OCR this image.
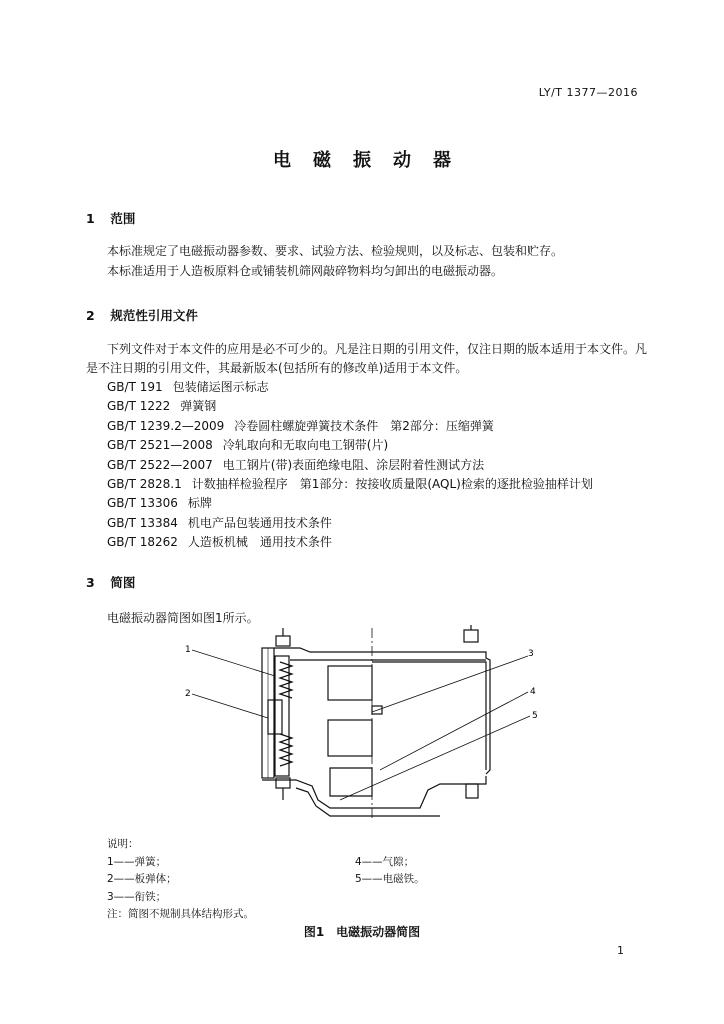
LY/T 1377—2016
电磁振动器
1 范围
本标准规定了电磁振动器参数、要求、试验方法、检验规则，以及标志、包装和贮存。
本标准适用于人造板原料仓或铺装机筛网敲碎物料均匀卸出的电磁振动器。
2 规范性引用文件
下列文件对于本文件的应用是必不可少的。凡是注日期的引用文件，仅注日期的版本适用于本文件。凡是不注日期的引用文件，其最新版本(包括所有的修改单)适用于本文件。
GB/T 191 包装储运图示标志
GB/T 1222 弹簧钢
GB/T 1239.2—2009 冷卷圆柱螺旋弹簧技术条件　第2部分：压缩弹簧
GB/T 2521—2008 冷轧取向和无取向电工钢带(片)
GB/T 2522—2007 电工钢片(带)表面绝缘电阻、涂层附着性测试方法
GB/T 2828.1 计数抽样检验程序　第1部分：按接收质量限(AQL)检索的逐批检验抽样计划
GB/T 13306 标牌
GB/T 13384 机电产品包装通用技术条件
GB/T 18262 人造板机械　通用技术条件
3 简图
电磁振动器简图如图1所示。
1
2
3
4
5
说明：
1——弹簧；	4——气隙；
2——板弹体；	5——电磁铁。
3——衔铁；
注：简图不规制具体结构形式。
图1　电磁振动器简图
1
